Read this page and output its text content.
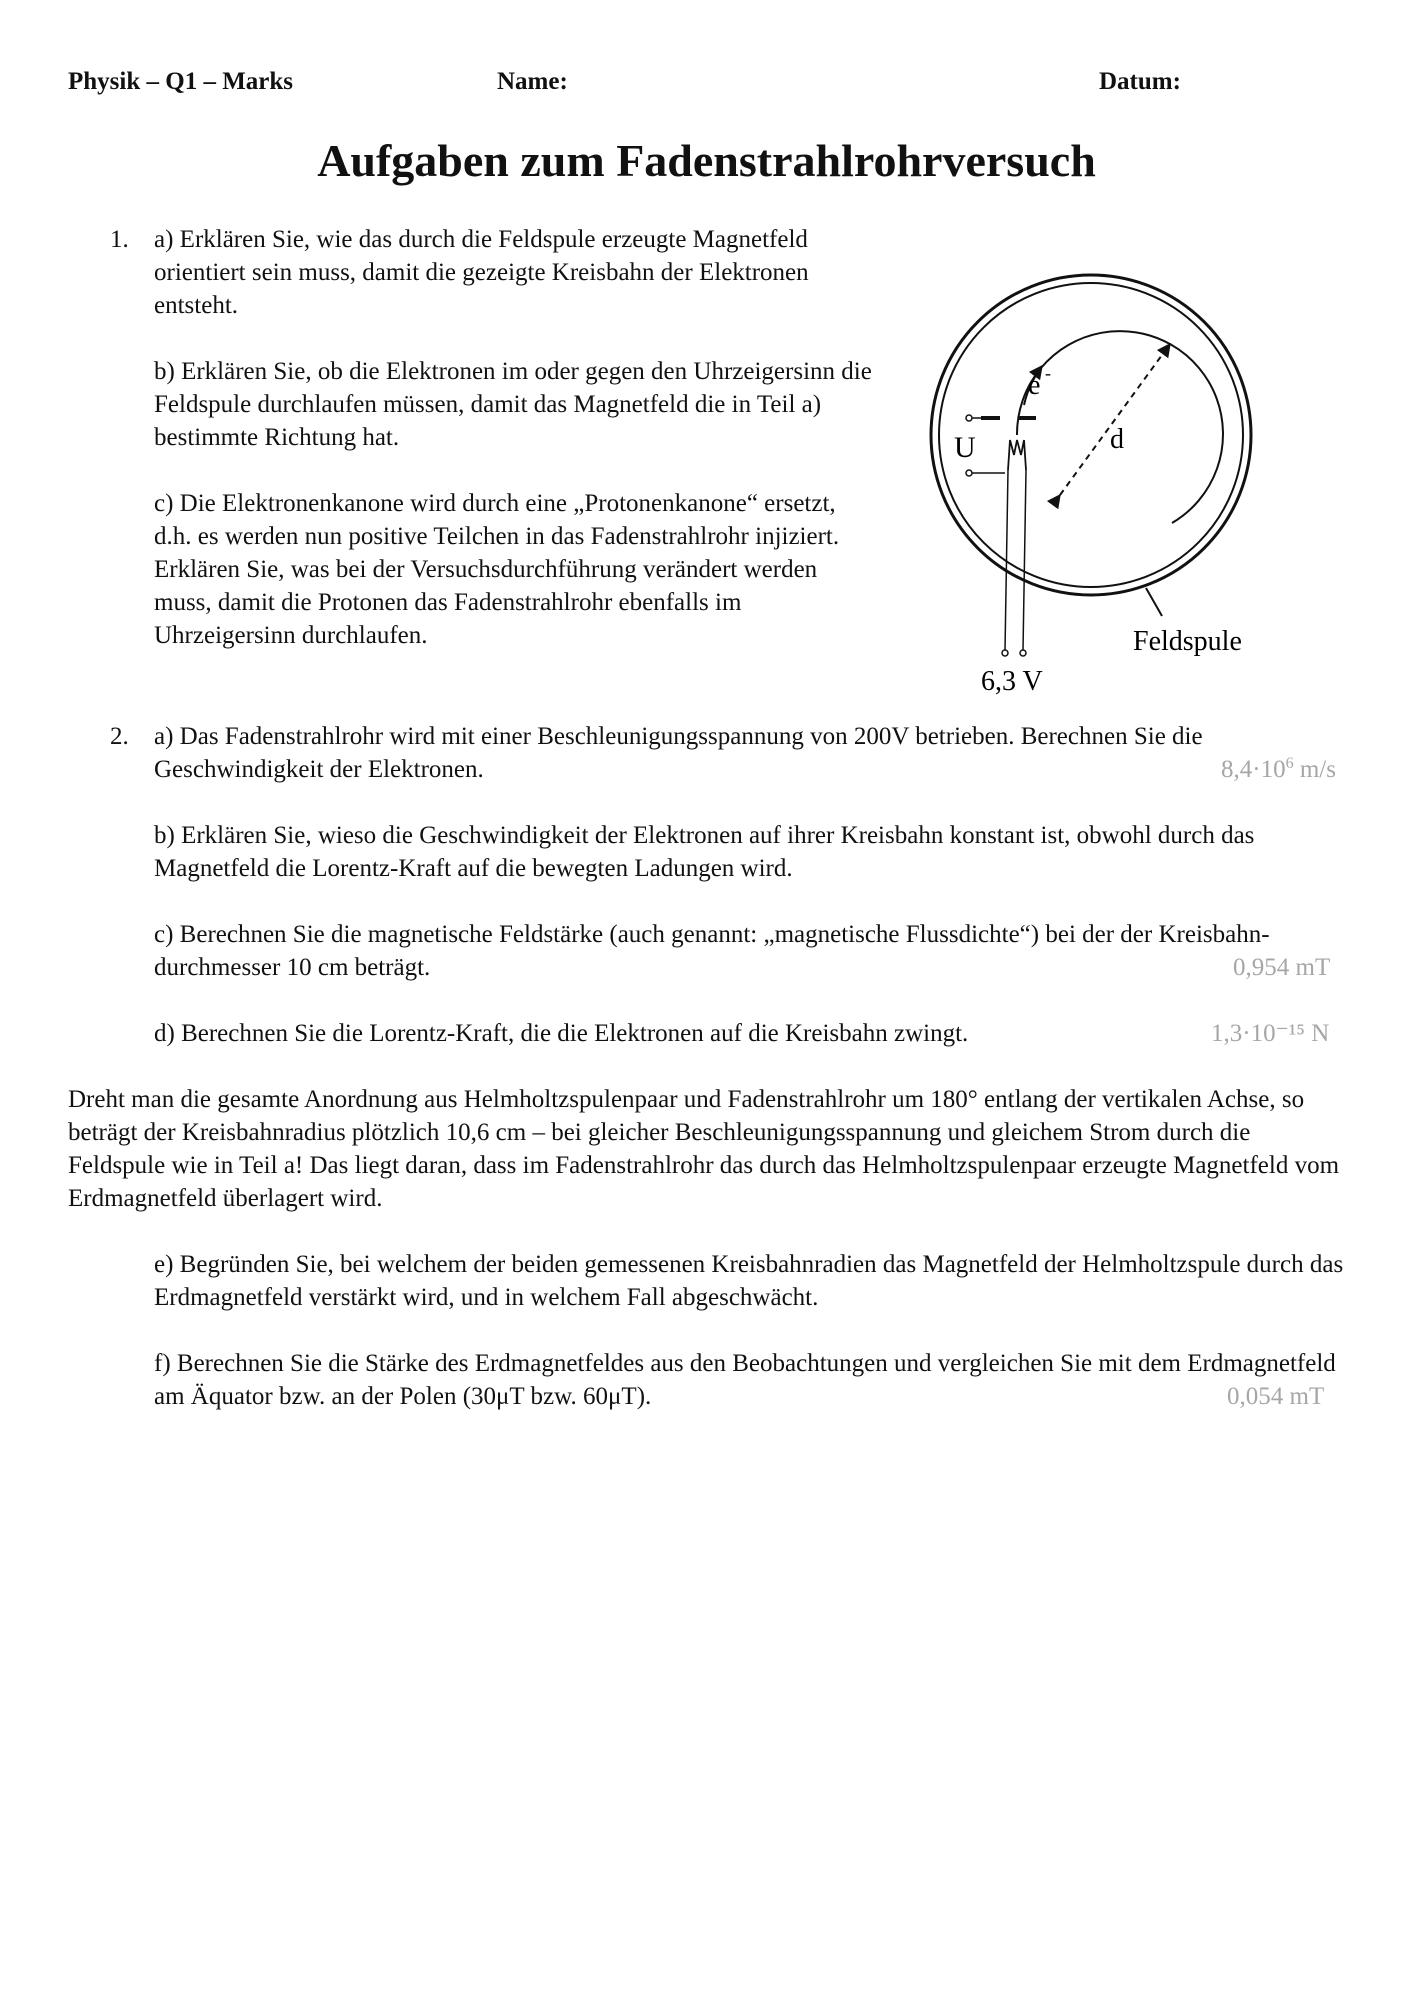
Physik – Q1 – Marks	Name:	Datum:
Aufgaben zum Fadenstrahlrohrversuch
1. a) Erklären Sie, wie das durch die Feldspule erzeugte Magnetfeld orientiert sein muss, damit die gezeigte Kreisbahn der Elektronen entsteht.

b) Erklären Sie, ob die Elektronen im oder gegen den Uhrzeigersinn die Feldspule durchlaufen müssen, damit das Magnetfeld die in Teil a) bestimmte Richtung hat.

c) Die Elektronenkanone wird durch eine „Protonenkanone“ ersetzt, d.h. es werden nun positive Teilchen in das Fadenstrahlrohr injiziert. Erklären Sie, was bei der Versuchsdurchführung verändert werden muss, damit die Protonen das Fadenstrahlrohr ebenfalls im Uhrzeigersinn durchlaufen.

e -
U	d
Feldspule
6,3 V
2. a) Das Fadenstrahlrohr wird mit einer Beschleunigungsspannung von 200V betrieben. Berechnen Sie die Geschwindigkeit der Elektronen.

b) Erklären Sie, wieso die Geschwindigkeit der Elektronen auf ihrer Kreisbahn konstant ist, obwohl durch das Magnetfeld die Lorentz-Kraft auf die bewegten Ladungen wird.

c) Berechnen Sie die magnetische Feldstärke (auch genannt: „magnetische Flussdichte“) bei der der Kreisbahn-durchmesser 10 cm beträgt.

d) Berechnen Sie die Lorentz-Kraft, die die Elektronen auf die Kreisbahn zwingt.

$8,4\cdot 10^6$ m/s
0,954 mT
1,3·10⁻¹⁵ N
Dreht man die gesamte Anordnung aus Helmholtzspulenpaar und Fadenstrahlrohr um 180° entlang der vertikalen Achse, so beträgt der Kreisbahnradius plötzlich 10,6 cm – bei gleicher Beschleunigungsspannung und gleichem Strom durch die Feldspule wie in Teil a! Das liegt daran, dass im Fadenstrahlrohr das durch das Helmholtzspulenpaar erzeugte Magnetfeld vom Erdmagnetfeld überlagert wird.

e) Begründen Sie, bei welchem der beiden gemessenen Kreisbahnradien das Magnetfeld der Helmholtzspule durch das Erdmagnetfeld verstärkt wird, und in welchem Fall abgeschwächt.

f) Berechnen Sie die Stärke des Erdmagnetfeldes aus den Beobachtungen und vergleichen Sie mit dem Erdmagnetfeld am Äquator bzw. an der Polen (30μT bzw. 60μT).	0,054 mT
